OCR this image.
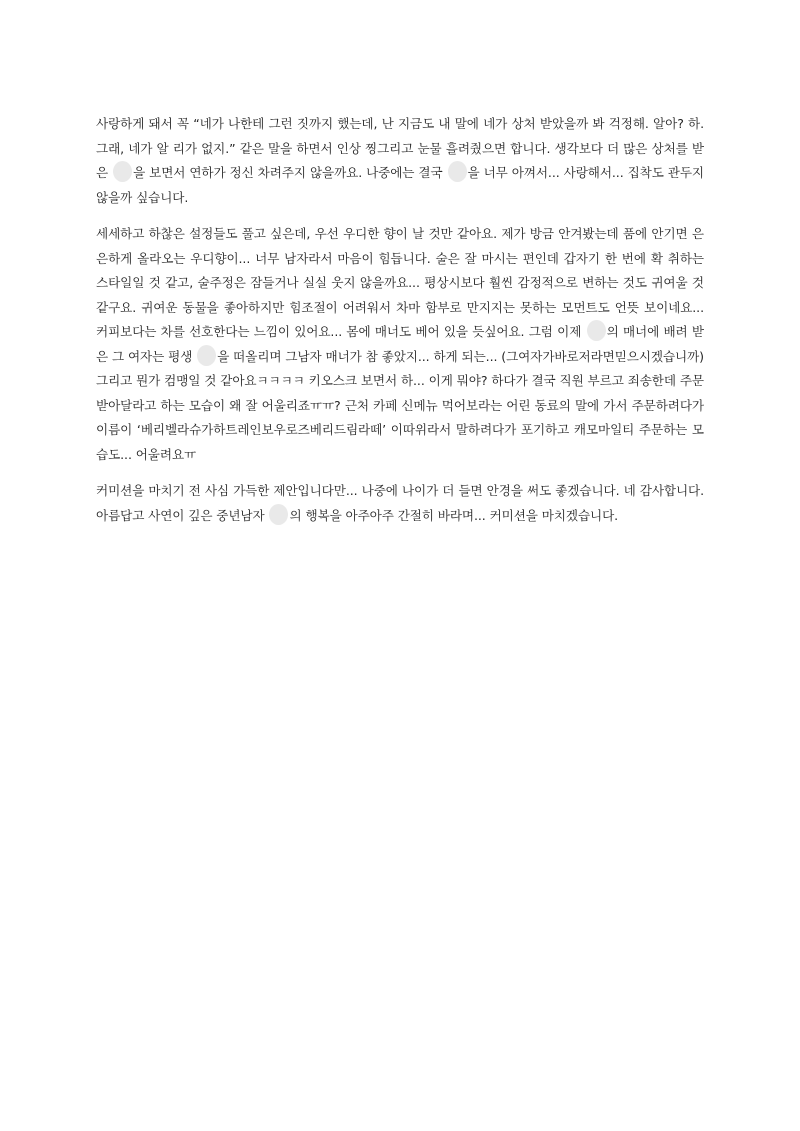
사랑하게 돼서 꼭 “네가 나한테 그런 짓까지 했는데, 난 지금도 내 말에 네가 상처 받았을까 봐 걱정해. 알아? 하. 그래, 네가 알 리가 없지.” 같은 말을 하면서 인상 찡그리고 눈물 흘려줬으면 합니다. 생각보다 더 많은 상처를 받은 을 보면서 연하가 정신 차려주지 않을까요. 나중에는 결국 을 너무 아껴서... 사랑해서... 집착도 관두지 않을까 싶습니다.

세세하고 하찮은 설정들도 풀고 싶은데, 우선 우디한 향이 날 것만 같아요. 제가 방금 안겨봤는데 품에 안기면 은은하게 올라오는 우디향이... 너무 남자라서 마음이 힘듭니다. 술은 잘 마시는 편인데 갑자기 한 번에 확 취하는 스타일일 것 같고, 술주정은 잠들거나 실실 웃지 않을까요... 평상시보다 훨씬 감정적으로 변하는 것도 귀여울 것 같구요. 귀여운 동물을 좋아하지만 힘조절이 어려워서 차마 함부로 만지지는 못하는 모먼트도 언뜻 보이네요... 커피보다는 차를 선호한다는 느낌이 있어요... 몸에 매너도 베어 있을 듯싶어요. 그럼 이제 의 매너에 배려 받은 그 여자는 평생 을 떠올리며 그남자 매너가 참 좋았지... 하게 되는... (그여자가바로저라면믿으시겠습니까) 그리고 뭔가 컴맹일 것 같아요ㅋㅋㅋㅋ 키오스크 보면서 하... 이게 뭐야? 하다가 결국 직원 부르고 죄송한데 주문 받아달라고 하는 모습이 왜 잘 어울리죠ㅠㅠ? 근처 카페 신메뉴 먹어보라는 어린 동료의 말에 가서 주문하려다가 이름이 ‘베리벨라슈가하트레인보우로즈베리드림라떼’ 이따위라서 말하려다가 포기하고 캐모마일티 주문하는 모습도... 어울려요ㅠ

커미션을 마치기 전 사심 가득한 제안입니다만... 나중에 나이가 더 들면 안경을 써도 좋겠습니다. 네 감사합니다. 아름답고 사연이 깊은 중년남자 의 행복을 아주아주 간절히 바라며... 커미션을 마치겠습니다.
